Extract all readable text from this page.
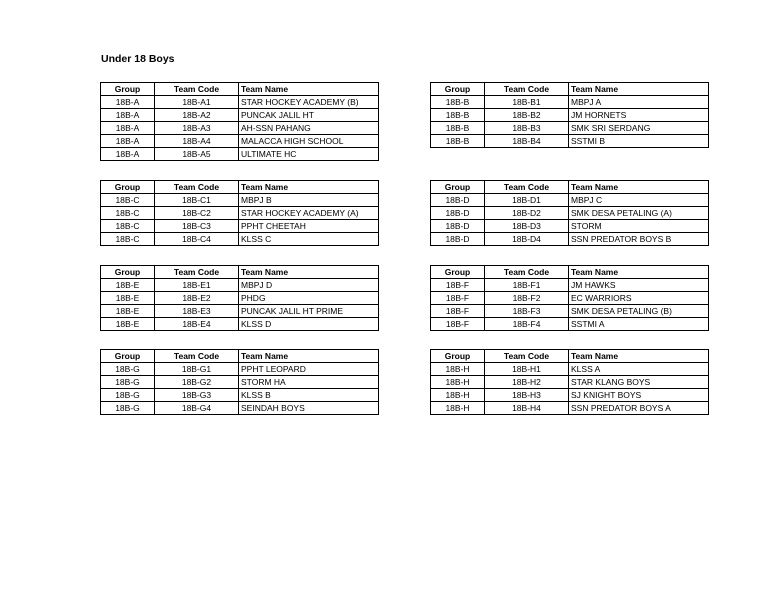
Under 18 Boys
Group	Team Code	Team Name
18B-A	18B-A1	STAR HOCKEY ACADEMY (B)
18B-A	18B-A2	PUNCAK JALIL HT
18B-A	18B-A3	AH-SSN PAHANG
18B-A	18B-A4	MALACCA HIGH SCHOOL
18B-A	18B-A5	ULTIMATE HC
Group	Team Code	Team Name
18B-B	18B-B1	MBPJ A
18B-B	18B-B2	JM HORNETS
18B-B	18B-B3	SMK SRI SERDANG
18B-B	18B-B4	SSTMI B
Group	Team Code	Team Name
18B-C	18B-C1	MBPJ B
18B-C	18B-C2	STAR HOCKEY ACADEMY (A)
18B-C	18B-C3	PPHT CHEETAH
18B-C	18B-C4	KLSS C
Group	Team Code	Team Name
18B-D	18B-D1	MBPJ C
18B-D	18B-D2	SMK DESA PETALING (A)
18B-D	18B-D3	STORM
18B-D	18B-D4	SSN PREDATOR BOYS B
Group	Team Code	Team Name
18B-E	18B-E1	MBPJ D
18B-E	18B-E2	PHDG
18B-E	18B-E3	PUNCAK JALIL HT PRIME
18B-E	18B-E4	KLSS D
Group	Team Code	Team Name
18B-F	18B-F1	JM HAWKS
18B-F	18B-F2	EC WARRIORS
18B-F	18B-F3	SMK DESA PETALING (B)
18B-F	18B-F4	SSTMI A
Group	Team Code	Team Name
18B-G	18B-G1	PPHT LEOPARD
18B-G	18B-G2	STORM HA
18B-G	18B-G3	KLSS B
18B-G	18B-G4	SEINDAH BOYS
Group	Team Code	Team Name
18B-H	18B-H1	KLSS A
18B-H	18B-H2	STAR KLANG BOYS
18B-H	18B-H3	SJ KNIGHT BOYS
18B-H	18B-H4	SSN PREDATOR BOYS A
